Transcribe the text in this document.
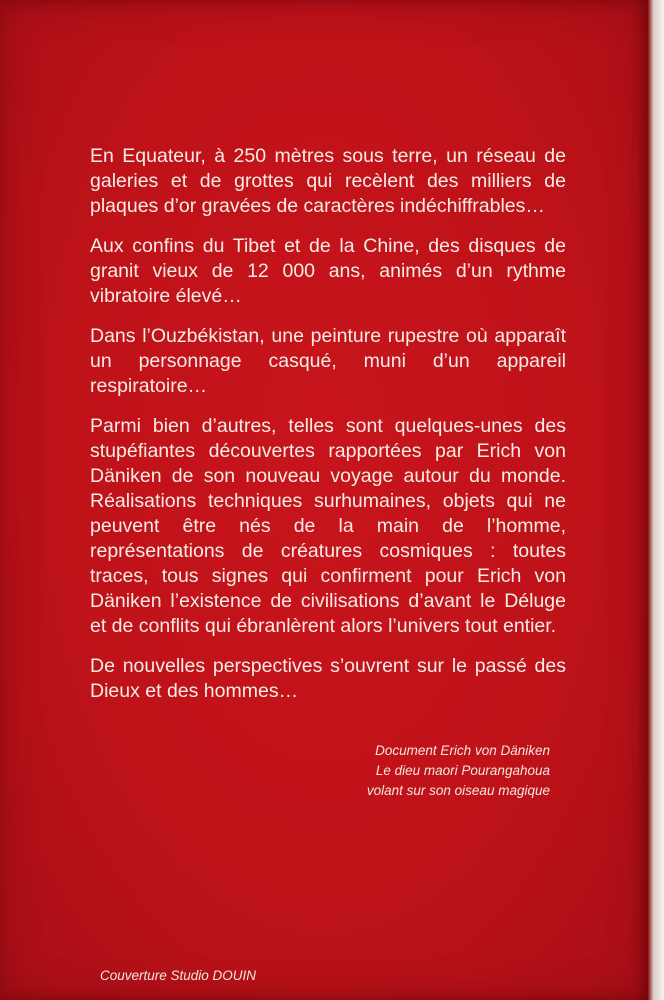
En Equateur, à 250 mètres sous terre, un réseau de galeries et de grottes qui recèlent des milliers de plaques d’or gravées de caractères indéchiffrables…

Aux confins du Tibet et de la Chine, des disques de granit vieux de 12 000 ans, animés d’un rythme vibratoire élevé…

Dans l’Ouzbékistan, une peinture rupestre où apparaît un personnage casqué, muni d’un appareil respiratoire…

Parmi bien d’autres, telles sont quelques-unes des stupéfiantes découvertes rapportées par Erich von Däniken de son nouveau voyage autour du monde. Réalisations techniques surhumaines, objets qui ne peuvent être nés de la main de l’homme, représentations de créatures cosmiques : toutes traces, tous signes qui confirment pour Erich von Däniken l’existence de civilisations d’avant le Déluge et de conflits qui ébranlèrent alors l’univers tout entier.

De nouvelles perspectives s’ouvrent sur le passé des Dieux et des hommes…

Document Erich von Däniken
Le dieu maori Pourangahoua
volant sur son oiseau magique
Couverture Studio DOUIN
